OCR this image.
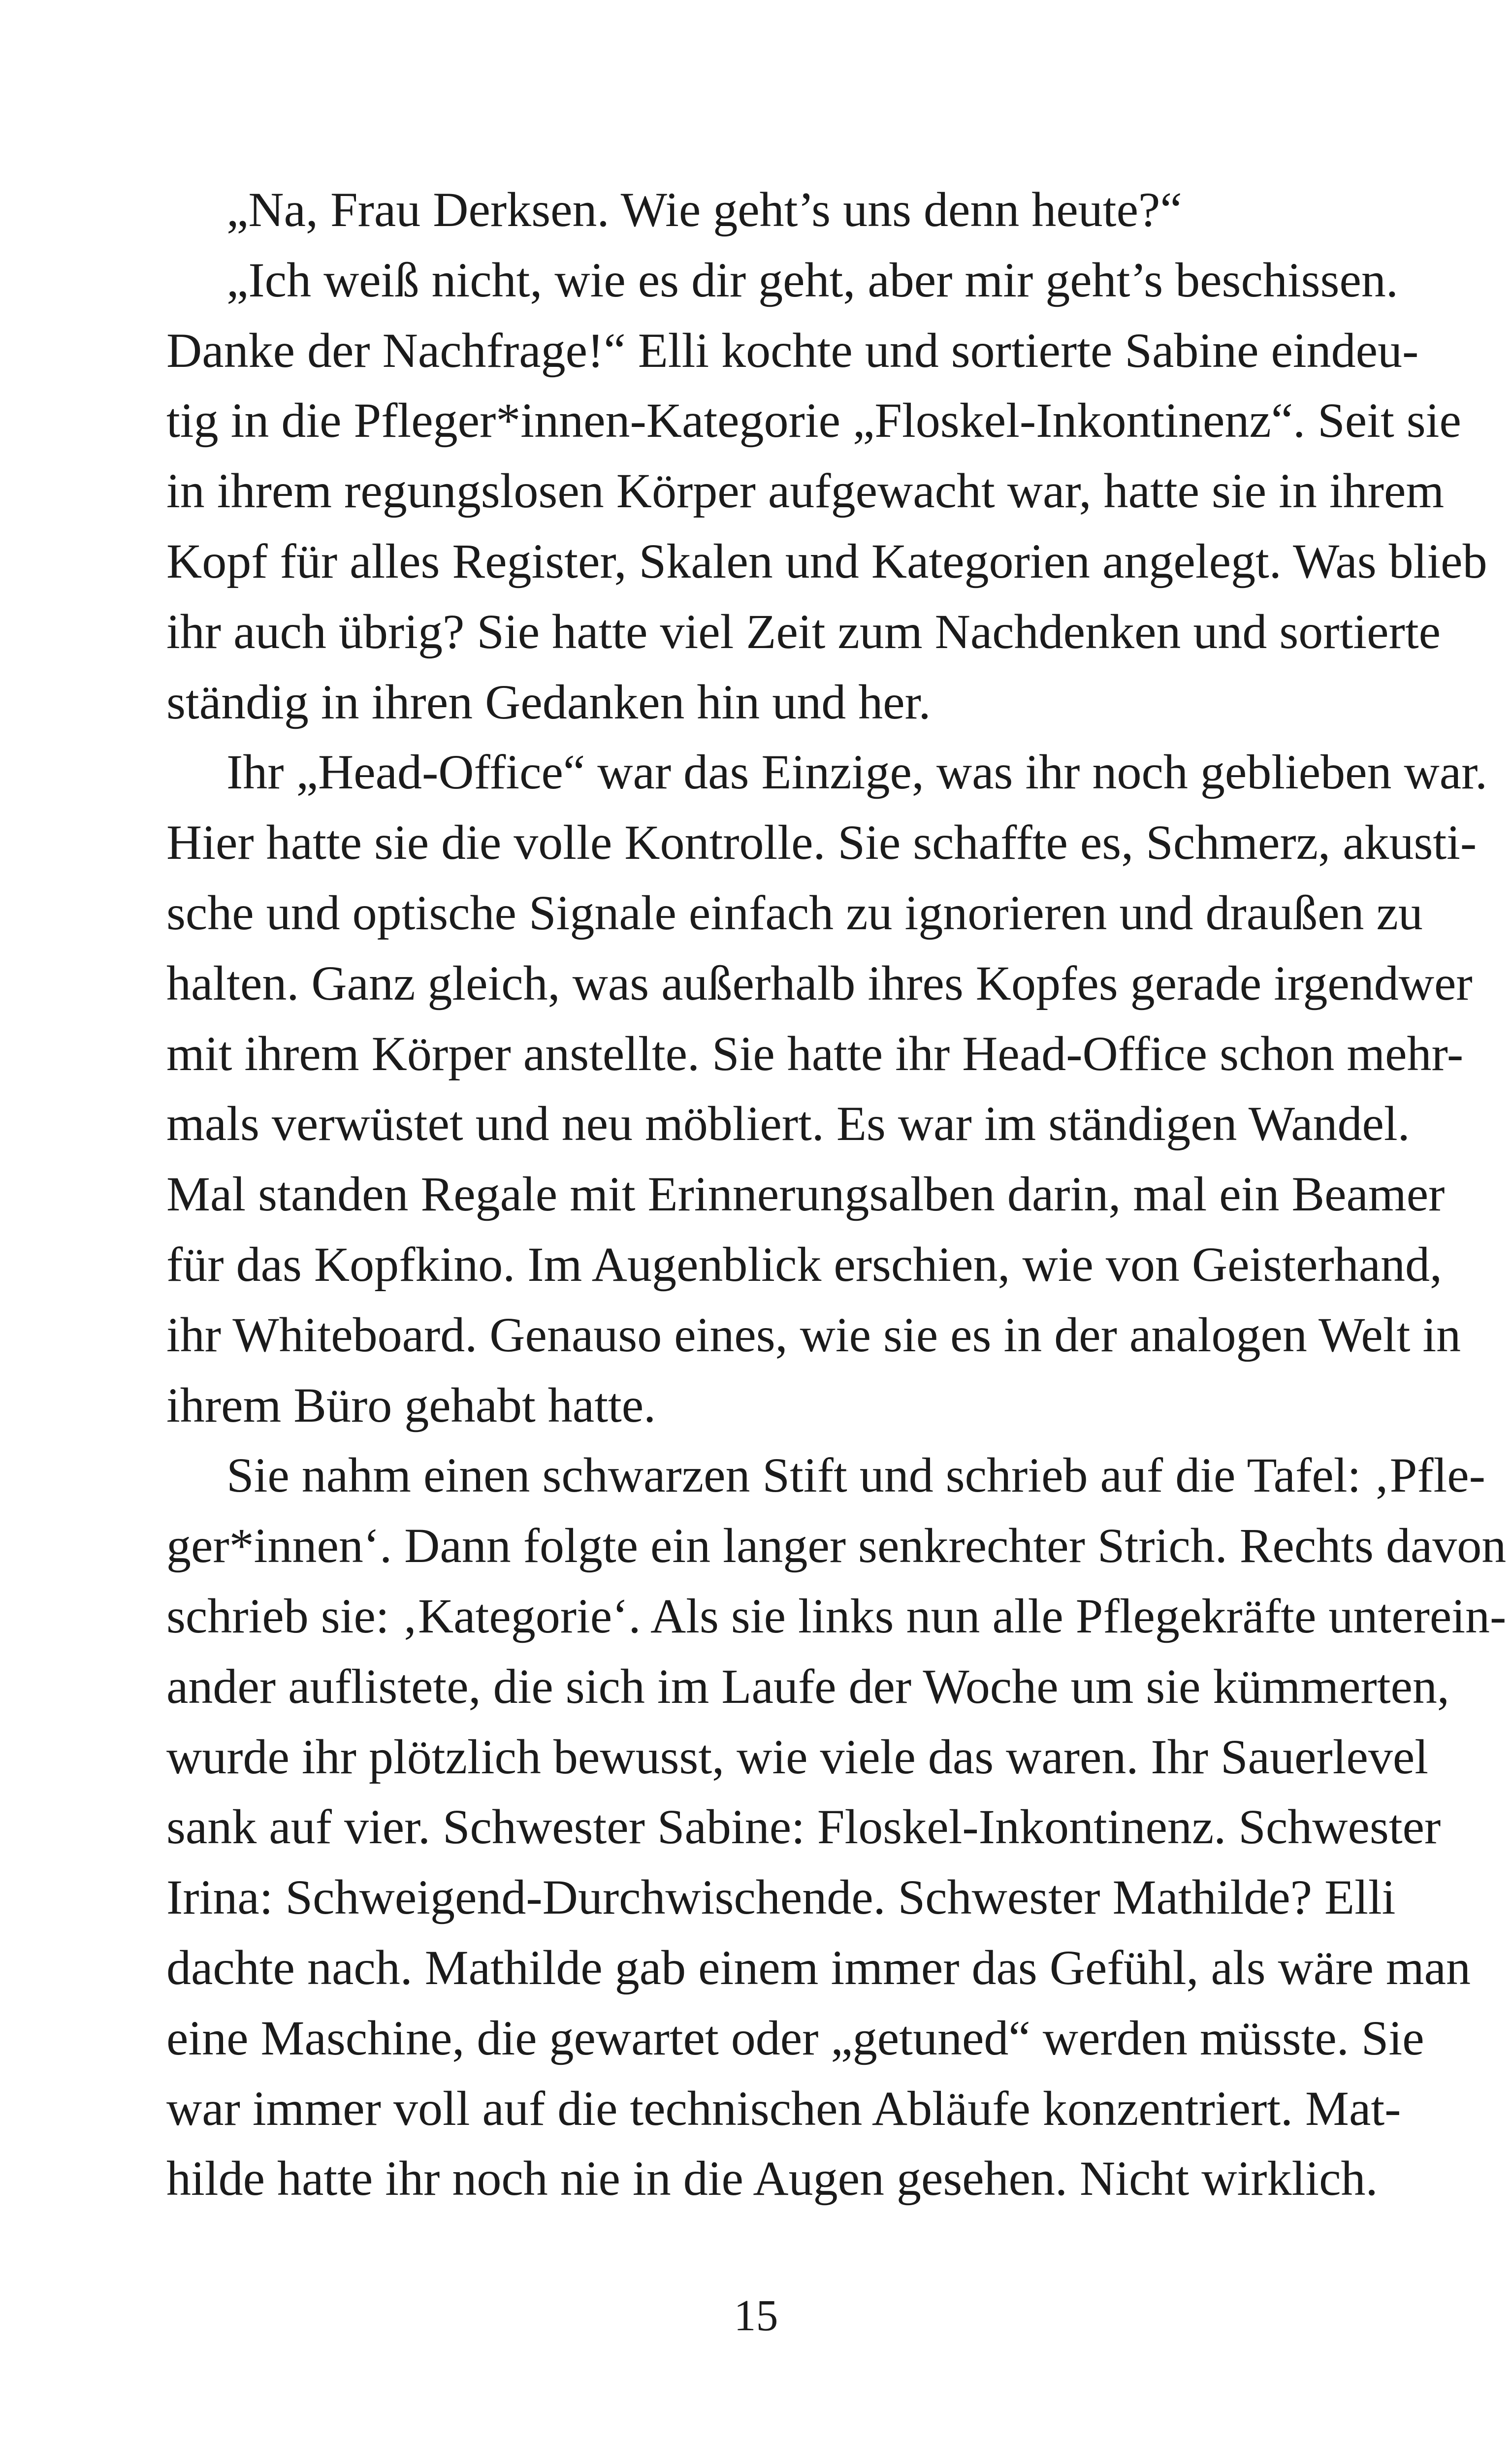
„Na, Frau Derksen. Wie geht’s uns denn heute?“

„Ich weiß nicht, wie es dir geht, aber mir geht’s beschissen.
Danke der Nachfrage!“ Elli kochte und sortierte Sabine eindeu-
tig in die Pfleger*innen-Kategorie „Floskel-Inkontinenz“. Seit sie
in ihrem regungslosen Körper aufgewacht war, hatte sie in ihrem
Kopf für alles Register, Skalen und Kategorien angelegt. Was blieb
ihr auch übrig? Sie hatte viel Zeit zum Nachdenken und sortierte
ständig in ihren Gedanken hin und her.

Ihr „Head-Office“ war das Einzige, was ihr noch geblieben war.
Hier hatte sie die volle Kontrolle. Sie schaffte es, Schmerz, akusti-
sche und optische Signale einfach zu ignorieren und draußen zu
halten. Ganz gleich, was außerhalb ihres Kopfes gerade irgendwer
mit ihrem Körper anstellte. Sie hatte ihr Head-Office schon mehr-
mals verwüstet und neu möbliert. Es war im ständigen Wandel.
Mal standen Regale mit Erinnerungsalben darin, mal ein Beamer
für das Kopfkino. Im Augenblick erschien, wie von Geisterhand,
ihr Whiteboard. Genauso eines, wie sie es in der analogen Welt in
ihrem Büro gehabt hatte.

Sie nahm einen schwarzen Stift und schrieb auf die Tafel: ‚Pfle-
ger*innen‘. Dann folgte ein langer senkrechter Strich. Rechts davon
schrieb sie: ‚Kategorie‘. Als sie links nun alle Pflegekräfte unterein-
ander auflistete, die sich im Laufe der Woche um sie kümmerten,
wurde ihr plötzlich bewusst, wie viele das waren. Ihr Sauerlevel
sank auf vier. Schwester Sabine: Floskel-Inkontinenz. Schwester
Irina: Schweigend-Durchwischende. Schwester Mathilde? Elli
dachte nach. Mathilde gab einem immer das Gefühl, als wäre man
eine Maschine, die gewartet oder „getuned“ werden müsste. Sie
war immer voll auf die technischen Abläufe konzentriert. Mat-
hilde hatte ihr noch nie in die Augen gesehen. Nicht wirklich.

15
